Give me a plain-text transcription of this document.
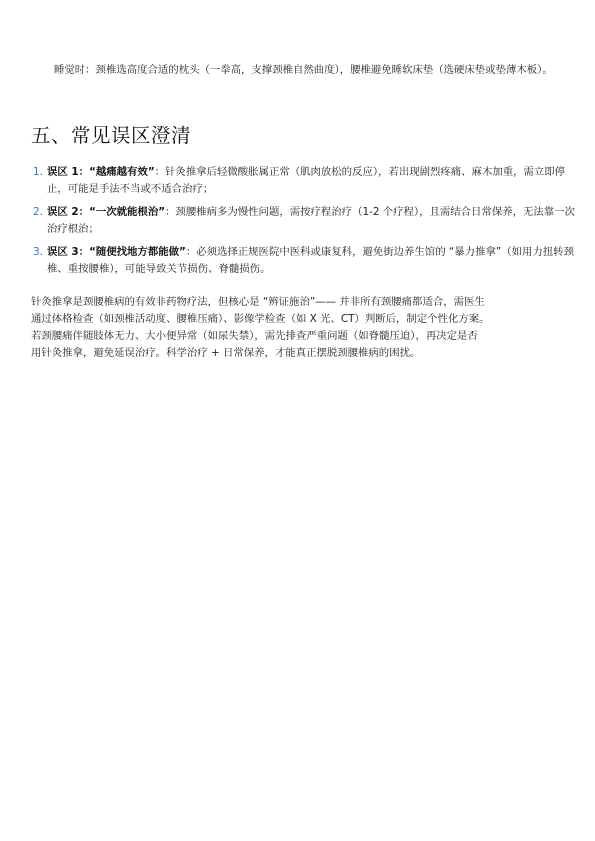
睡觉时：颈椎选高度合适的枕头（一拳高，支撑颈椎自然曲度），腰椎避免睡软床垫（选硬床垫或垫薄木板）。

五、常见误区澄清
1. 误区 1：“越痛越有效”：针灸推拿后轻微酸胀属正常（肌肉放松的反应），若出现剧烈疼痛、麻木加重，需立即停止，可能是手法不当或不适合治疗；
2. 误区 2：“一次就能根治”：颈腰椎病多为慢性问题，需按疗程治疗（1-2 个疗程），且需结合日常保养，无法靠一次治疗根治；
3. 误区 3：“随便找地方都能做”：必须选择正规医院中医科或康复科，避免街边养生馆的 “暴力推拿”（如用力扭转颈椎、重按腰椎），可能导致关节损伤、脊髓损伤。
针灸推拿是颈腰椎病的有效非药物疗法，但核心是 “辨证施治”—— 并非所有颈腰痛都适合，需医生
通过体格检查（如颈椎活动度、腰椎压痛）、影像学检查（如 X 光、CT）判断后，制定个性化方案。
若颈腰痛伴随肢体无力、大小便异常（如尿失禁），需先排查严重问题（如脊髓压迫），再决定是否
用针灸推拿，避免延误治疗。科学治疗 + 日常保养，才能真正摆脱颈腰椎病的困扰。
